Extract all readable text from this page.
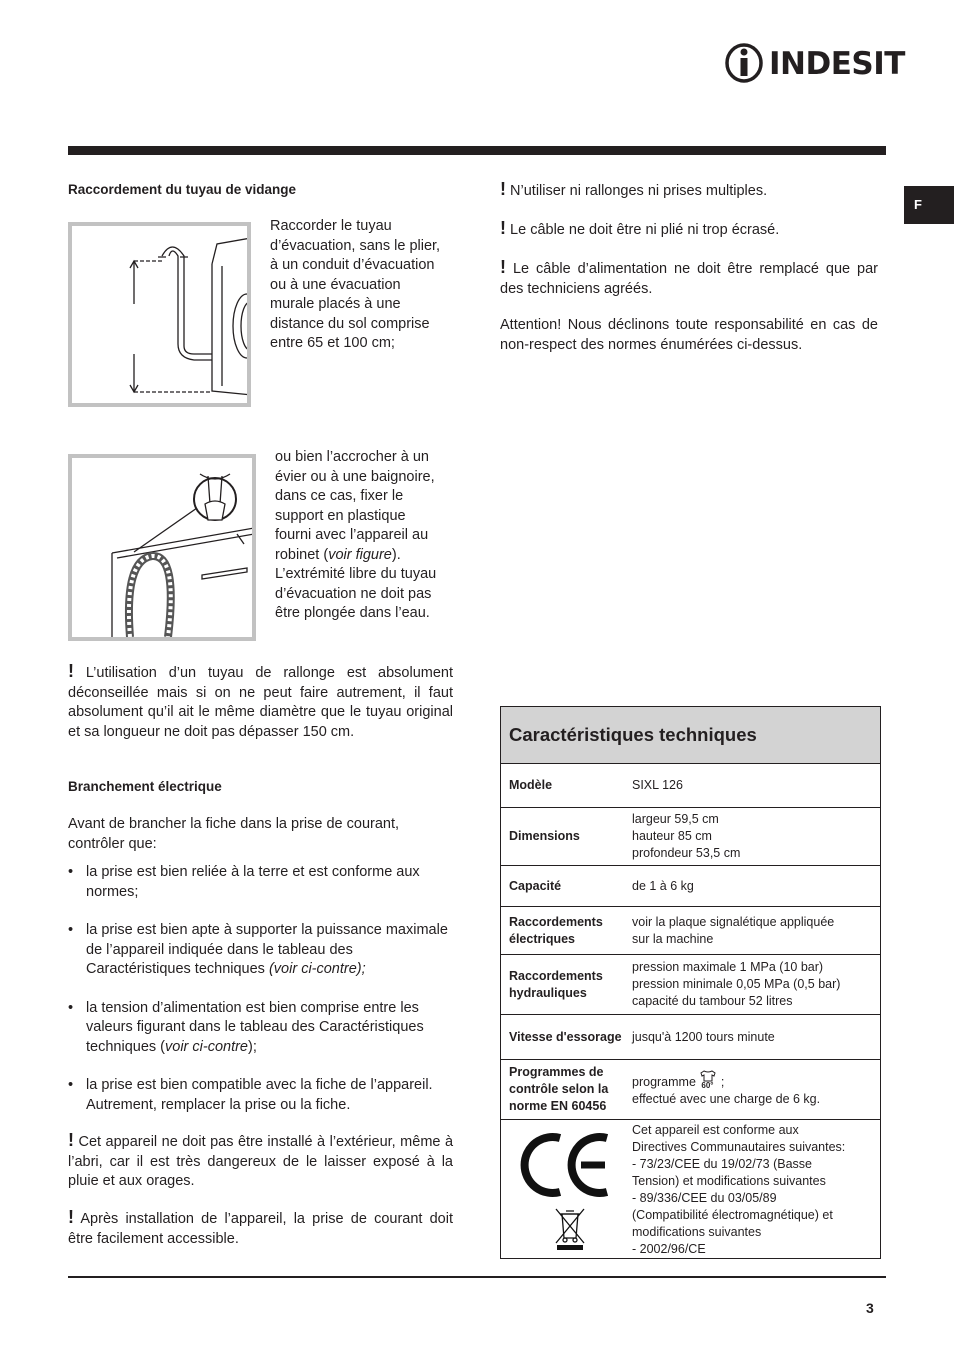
INDESIT
F
Raccordement du tuyau de vidange
Raccorder le tuyau
d’évacuation, sans le plier,
à un conduit d’évacuation
ou à une évacuation
murale placés à une
distance du sol comprise
entre 65 et 100 cm;
ou bien l’accrocher à un
évier ou à une baignoire,
dans ce cas, fixer le
support en plastique
fourni avec l’appareil au
robinet (voir figure).
L’extrémité libre du tuyau
d’évacuation ne doit pas
être plongée dans l’eau.
! L’utilisation d’un tuyau de rallonge est absolument déconseillée mais si on ne peut faire autrement, il faut absolument qu’il ait le même diamètre que le tuyau original et sa longueur ne doit pas dépasser 150 cm.
Branchement électrique
Avant de brancher la fiche dans la prise de courant, contrôler que:
• la prise est bien reliée à la terre et est conforme aux normes;
• la prise est bien apte à supporter la puissance maximale de l’appareil indiquée dans le tableau des Caractéristiques techniques (voir ci-contre);
• la tension d’alimentation est bien comprise entre les valeurs figurant dans le tableau des Caractéristiques techniques (voir ci-contre);
• la prise est bien compatible avec la fiche de l’appareil. Autrement, remplacer la prise ou la fiche.
! Cet appareil ne doit pas être installé à l’extérieur, même à l’abri, car il est très dangereux de le laisser exposé à la pluie et aux orages.
! Après installation de l’appareil, la prise de courant doit être facilement accessible.
! N’utiliser ni rallonges ni prises multiples.
! Le câble ne doit être ni plié ni trop écrasé.
! Le câble d’alimentation ne doit être remplacé que par des techniciens agréés.
Attention! Nous déclinons toute responsabilité en cas de non-respect des normes énumérées ci-dessus.
Caractéristiques techniques
Modèle	SIXL 126
Dimensions
largeur 59,5 cm
hauteur 85 cm
profondeur 53,5 cm
Capacité	de 1 à 6 kg
Raccordements électriques
voir la plaque signalétique appliquée
sur la machine
Raccordements hydrauliques
pression maximale 1 MPa (10 bar)
pression minimale 0,05 MPa (0,5 bar)
capacité du tambour 52 litres
Vitesse d'essorage jusqu'à 1200 tours minute
Programmes de contrôle selon la norme EN 60456
programme 60° ;
effectué avec une charge de 6 kg.
Cet appareil est conforme aux
Directives Communautaires suivantes:
- 73/23/CEE du 19/02/73 (Basse
Tension) et modifications suivantes
- 89/336/CEE du 03/05/89
(Compatibilité électromagnétique) et
modifications suivantes
- 2002/96/CE
3
